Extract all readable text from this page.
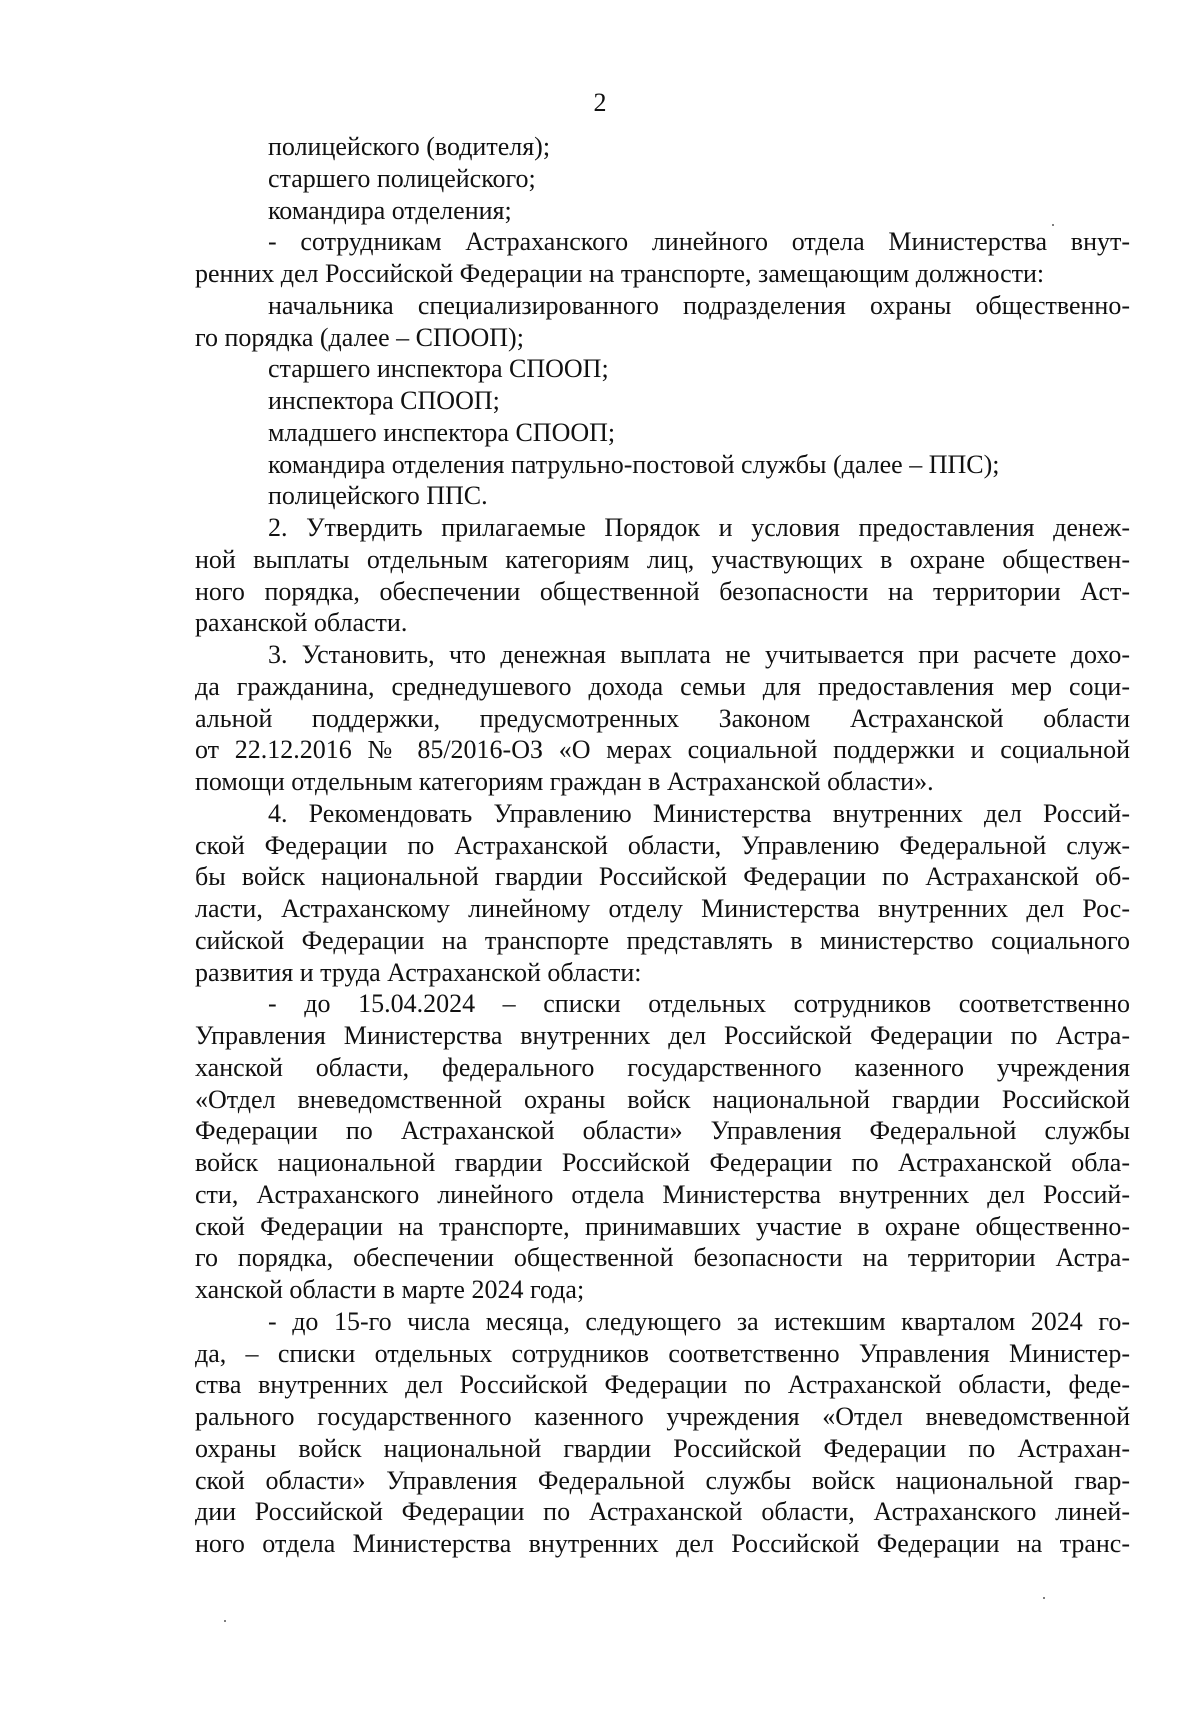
2
полицейского (водителя);
старшего полицейского;
командира отделения;
- сотрудникам Астраханского линейного отдела Министерства внут-
ренних дел Российской Федерации на транспорте, замещающим должности:
начальника специализированного подразделения охраны общественно-
го порядка (далее – СПООП);
старшего инспектора СПООП;
инспектора СПООП;
младшего инспектора СПООП;
командира отделения патрульно-постовой службы (далее – ППС);
полицейского ППС.
2. Утвердить прилагаемые Порядок и условия предоставления денеж-
ной выплаты отдельным категориям лиц, участвующих в охране обществен-
ного порядка, обеспечении общественной безопасности на территории Аст-
раханской области.
3. Установить, что денежная выплата не учитывается при расчете дохо-
да гражданина, среднедушевого дохода семьи для предоставления мер соци-
альной поддержки, предусмотренных Законом Астраханской области
от 22.12.2016 № 85/2016-ОЗ «О мерах социальной поддержки и социальной
помощи отдельным категориям граждан в Астраханской области».
4. Рекомендовать Управлению Министерства внутренних дел Россий-
ской Федерации по Астраханской области, Управлению Федеральной служ-
бы войск национальной гвардии Российской Федерации по Астраханской об-
ласти, Астраханскому линейному отделу Министерства внутренних дел Рос-
сийской Федерации на транспорте представлять в министерство социального
развития и труда Астраханской области:
- до 15.04.2024 – списки отдельных сотрудников соответственно
Управления Министерства внутренних дел Российской Федерации по Астра-
ханской области, федерального государственного казенного учреждения
«Отдел вневедомственной охраны войск национальной гвардии Российской
Федерации по Астраханской области» Управления Федеральной службы
войск национальной гвардии Российской Федерации по Астраханской обла-
сти, Астраханского линейного отдела Министерства внутренних дел Россий-
ской Федерации на транспорте, принимавших участие в охране общественно-
го порядка, обеспечении общественной безопасности на территории Астра-
ханской области в марте 2024 года;
- до 15-го числа месяца, следующего за истекшим кварталом 2024 го-
да, – списки отдельных сотрудников соответственно Управления Министер-
ства внутренних дел Российской Федерации по Астраханской области, феде-
рального государственного казенного учреждения «Отдел вневедомственной
охраны войск национальной гвардии Российской Федерации по Астрахан-
ской области» Управления Федеральной службы войск национальной гвар-
дии Российской Федерации по Астраханской области, Астраханского линей-
ного отдела Министерства внутренних дел Российской Федерации на транс-
